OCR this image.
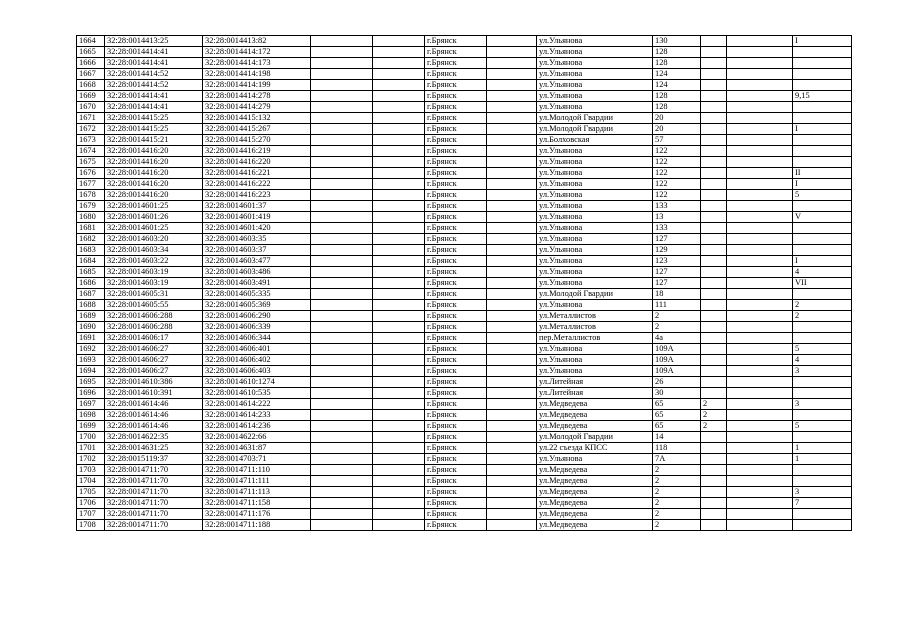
1664	32:28:0014413:25	32:28:0014413:82			г.Брянск		ул.Ульянова	130			I
1665	32:28:0014414:41	32:28:0014414:172			г.Брянск		ул.Ульянова	128			
1666	32:28:0014414:41	32:28:0014414:173			г.Брянск		ул.Ульянова	128			
1667	32:28:0014414:52	32:28:0014414:198			г.Брянск		ул.Ульянова	124			
1668	32:28:0014414:52	32:28:0014414:199			г.Брянск		ул.Ульянова	124			
1669	32:28:0014414:41	32:28:0014414:278			г.Брянск		ул.Ульянова	128			9,15
1670	32:28:0014414:41	32:28:0014414:279			г.Брянск		ул.Ульянова	128			
1671	32:28:0014415:25	32:28:0014415:132			г.Брянск		ул.Молодой Гвардии	20			
1672	32:28:0014415:25	32:28:0014415:267			г.Брянск		ул.Молодой Гвардии	20			I
1673	32:28:0014415:21	32:28:0014415:270			г.Брянск		ул.Болховская	57			
1674	32:28:0014416:20	32:28:0014416:219			г.Брянск		ул.Ульянова	122			
1675	32:28:0014416:20	32:28:0014416:220			г.Брянск		ул.Ульянова	122			
1676	32:28:0014416:20	32:28:0014416:221			г.Брянск		ул.Ульянова	122			II
1677	32:28:0014416:20	32:28:0014416:222			г.Брянск		ул.Ульянова	122			I
1678	32:28:0014416:20	32:28:0014416:223			г.Брянск		ул.Ульянова	122			5
1679	32:28:0014601:25	32:28:0014601:37			г.Брянск		ул.Ульянова	133			
1680	32:28:0014601:26	32:28:0014601:419			г.Брянск		ул.Ульянова	13			V
1681	32:28:0014601:25	32:28:0014601:420			г.Брянск		ул.Ульянова	133			
1682	32:28:0014603:20	32:28:0014603:35			г.Брянск		ул.Ульянова	127			
1683	32:28:0014603:34	32:28:0014603:37			г.Брянск		ул.Ульянова	129			
1684	32:28:0014603:22	32:28:0014603:477			г.Брянск		ул.Ульянова	123			I
1685	32:28:0014603:19	32:28:0014603:486			г.Брянск		ул.Ульянова	127			4
1686	32:28:0014603:19	32:28:0014603:491			г.Брянск		ул.Ульянова	127			VII
1687	32:28:0014605:31	32:28:0014605:335			г.Брянск		ул.Молодой Гвардии	18			
1688	32:28:0014605:55	32:28:0014605:369			г.Брянск		ул.Ульянова	111			2
1689	32:28:0014606:288	32:28:0014606:290			г.Брянск		ул.Металлистов	2			2
1690	32:28:0014606:288	32:28:0014606:339			г.Брянск		ул.Металлистов	2			
1691	32:28:0014606:17	32:28:0014606:344			г.Брянск		пер.Металлистов	4а			
1692	32:28:0014606:27	32:28:0014606:401			г.Брянск		ул.Ульянова	109А			5
1693	32:28:0014606:27	32:28:0014606:402			г.Брянск		ул.Ульянова	109А			4
1694	32:28:0014606:27	32:28:0014606:403			г.Брянск		ул.Ульянова	109А			3
1695	32:28:0014610:386	32:28:0014610:1274			г.Брянск		ул.Литейная	26			
1696	32:28:0014610:391	32:28:0014610:535			г.Брянск		ул.Литейная	30			
1697	32:28:0014614:46	32:28:0014614:222			г.Брянск		ул.Медведева	65	2		3
1698	32:28:0014614:46	32:28:0014614:233			г.Брянск		ул.Медведева	65	2		
1699	32:28:0014614:46	32:28:0014614:236			г.Брянск		ул.Медведева	65	2		5
1700	32:28:0014622:35	32:28:0014622:66			г.Брянск		ул.Молодой Гвардии	14			
1701	32:28:0014631:25	32:28:0014631:87			г.Брянск		ул.22 съезда КПСС	118			1
1702	32:28:0015119:37	32:28:0014703:71			г.Брянск		ул.Ульянова	7А			1
1703	32:28:0014711:70	32:28:0014711:110			г.Брянск		ул.Медведева	2			
1704	32:28:0014711:70	32:28:0014711:111			г.Брянск		ул.Медведева	2			
1705	32:28:0014711:70	32:28:0014711:113			г.Брянск		ул.Медведева	2			3
1706	32:28:0014711:70	32:28:0014711:158			г.Брянск		ул.Медведева	2			7
1707	32:28:0014711:70	32:28:0014711:176			г.Брянск		ул.Медведева	2			
1708	32:28:0014711:70	32:28:0014711:188			г.Брянск		ул.Медведева	2			
